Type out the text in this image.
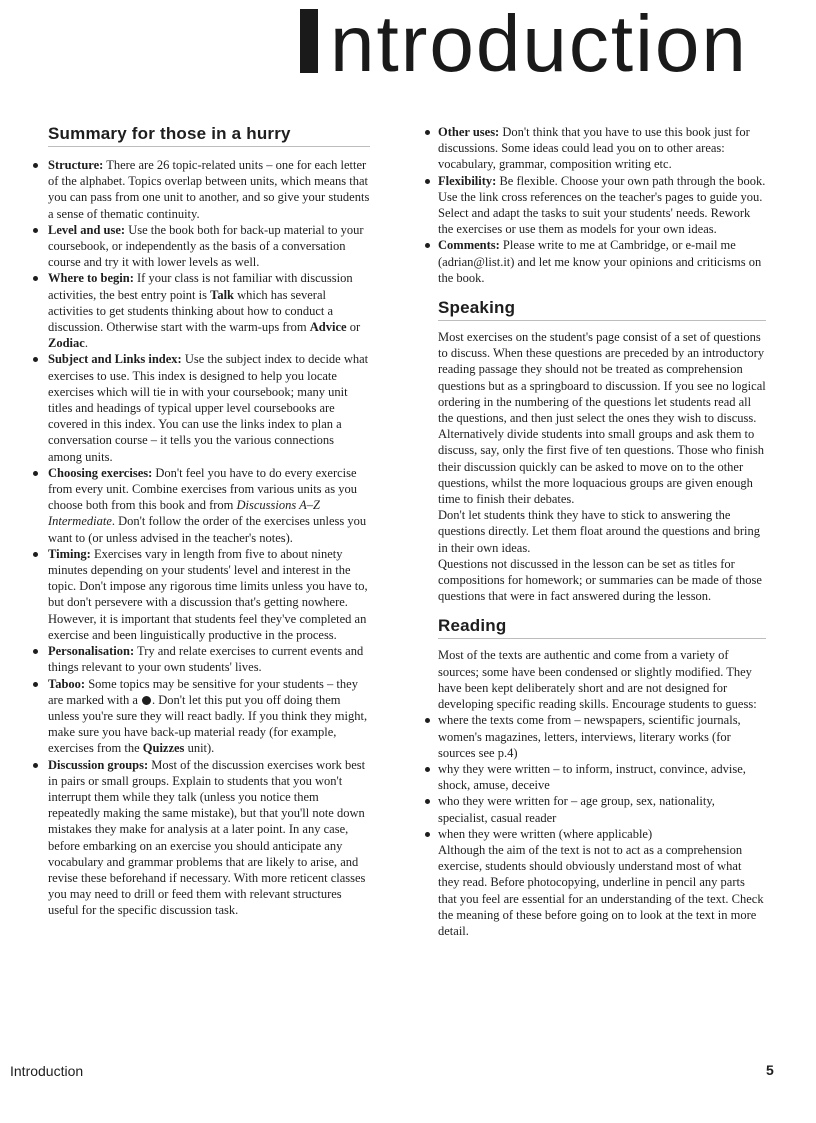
ntroduction
Summary for those in a hurry
Structure: There are 26 topic-related units – one for each letter of the alphabet. Topics overlap between units, which means that you can pass from one unit to another, and so give your students a sense of thematic continuity.
Level and use: Use the book both for back-up material to your coursebook, or independently as the basis of a conversation course and try it with lower levels as well.
Where to begin: If your class is not familiar with discussion activities, the best entry point is Talk which has several activities to get students thinking about how to conduct a discussion. Otherwise start with the warm-ups from Advice or Zodiac.
Subject and Links index: Use the subject index to decide what exercises to use. This index is designed to help you locate exercises which will tie in with your coursebook; many unit titles and headings of typical upper level coursebooks are covered in this index. You can use the links index to plan a conversation course – it tells you the various connections among units.
Choosing exercises: Don't feel you have to do every exercise from every unit. Combine exercises from various units as you choose both from this book and from Discussions A–Z Intermediate. Don't follow the order of the exercises unless you want to (or unless advised in the teacher's notes).
Timing: Exercises vary in length from five to about ninety minutes depending on your students' level and interest in the topic. Don't impose any rigorous time limits unless you have to, but don't persevere with a discussion that's getting nowhere. However, it is important that students feel they've completed an exercise and been linguistically productive in the process.
Personalisation: Try and relate exercises to current events and things relevant to your own students' lives.
Taboo: Some topics may be sensitive for your students – they are marked with a . Don't let this put you off doing them unless you're sure they will react badly. If you think they might, make sure you have back-up material ready (for example, exercises from the Quizzes unit).
Discussion groups: Most of the discussion exercises work best in pairs or small groups. Explain to students that you won't interrupt them while they talk (unless you notice them repeatedly making the same mistake), but that you'll note down mistakes they make for analysis at a later point. In any case, before embarking on an exercise you should anticipate any vocabulary and grammar problems that are likely to arise, and revise these beforehand if necessary. With more reticent classes you may need to drill or feed them with relevant structures useful for the specific discussion task.
Other uses: Don't think that you have to use this book just for discussions. Some ideas could lead you on to other areas: vocabulary, grammar, composition writing etc.
Flexibility: Be flexible. Choose your own path through the book. Use the link cross references on the teacher's pages to guide you. Select and adapt the tasks to suit your students' needs. Rework the exercises or use them as models for your own ideas.
Comments: Please write to me at Cambridge, or e-mail me (adrian@list.it) and let me know your opinions and criticisms on the book.
Speaking

Most exercises on the student's page consist of a set of questions to discuss. When these questions are preceded by an introductory reading passage they should not be treated as comprehension questions but as a springboard to discussion. If you see no logical ordering in the numbering of the questions let students read all the questions, and then just select the ones they wish to discuss. Alternatively divide students into small groups and ask them to discuss, say, only the first five of ten questions. Those who finish their discussion quickly can be asked to move on to the other questions, whilst the more loquacious groups are given enough time to finish their debates.

Don't let students think they have to stick to answering the questions directly. Let them float around the questions and bring in their own ideas.

Questions not discussed in the lesson can be set as titles for compositions for homework; or summaries can be made of those questions that were in fact answered during the lesson.

Reading

Most of the texts are authentic and come from a variety of sources; some have been condensed or slightly modified. They have been kept deliberately short and are not designed for developing specific reading skills. Encourage students to guess:

where the texts come from – newspapers, scientific journals, women's magazines, letters, interviews, literary works (for sources see p.4)
why they were written – to inform, instruct, convince, advise, shock, amuse, deceive
who they were written for – age group, sex, nationality, specialist, casual reader
when they were written (where applicable)

Although the aim of the text is not to act as a comprehension exercise, students should obviously understand most of what they read. Before photocopying, underline in pencil any parts that you feel are essential for an understanding of the text. Check the meaning of these before going on to look at the text in more detail.

Introduction	5
